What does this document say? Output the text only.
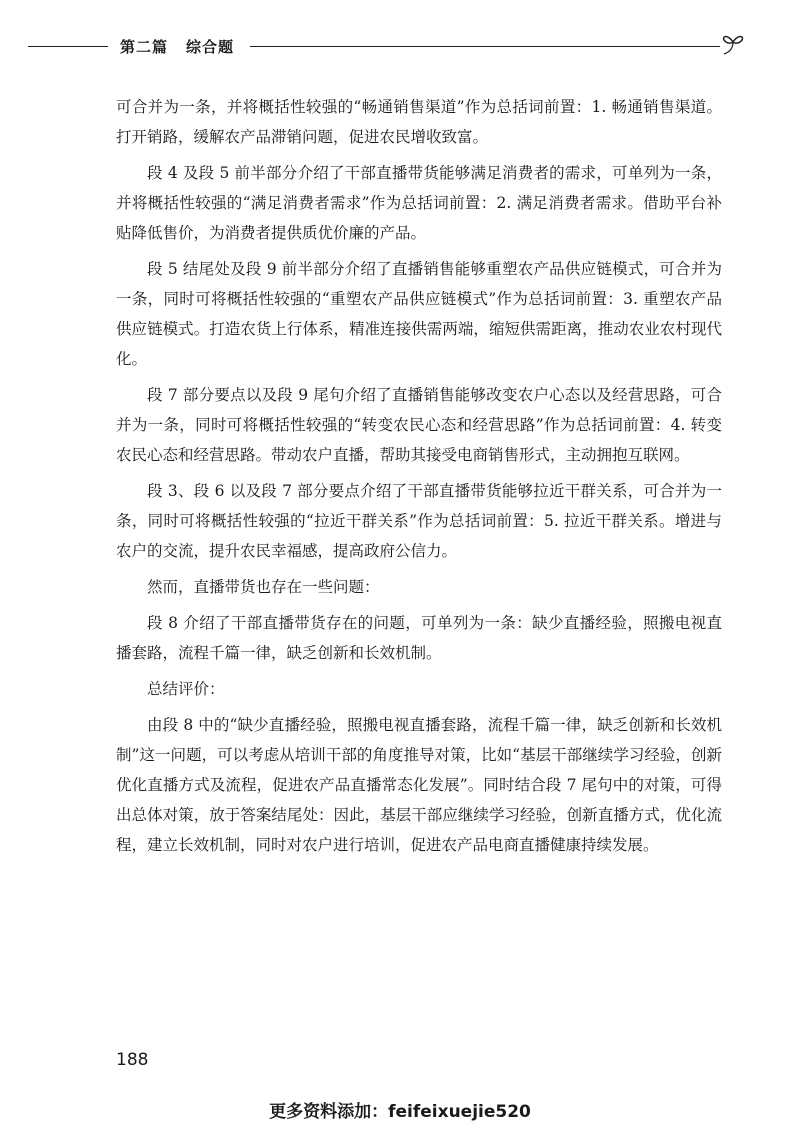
第二篇 综合题

可合并为一条，并将概括性较强的“畅通销售渠道”作为总括词前置：1. 畅通销售渠道。打开销路，缓解农产品滞销问题，促进农民增收致富。

段 4 及段 5 前半部分介绍了干部直播带货能够满足消费者的需求，可单列为一条，并将概括性较强的“满足消费者需求”作为总括词前置：2. 满足消费者需求。借助平台补贴降低售价，为消费者提供质优价廉的产品。

段 5 结尾处及段 9 前半部分介绍了直播销售能够重塑农产品供应链模式，可合并为一条，同时可将概括性较强的“重塑农产品供应链模式”作为总括词前置：3. 重塑农产品供应链模式。打造农货上行体系，精准连接供需两端，缩短供需距离，推动农业农村现代化。

段 7 部分要点以及段 9 尾句介绍了直播销售能够改变农户心态以及经营思路，可合并为一条，同时可将概括性较强的“转变农民心态和经营思路”作为总括词前置：4. 转变农民心态和经营思路。带动农户直播，帮助其接受电商销售形式，主动拥抱互联网。

段 3、段 6 以及段 7 部分要点介绍了干部直播带货能够拉近干群关系，可合并为一条，同时可将概括性较强的“拉近干群关系”作为总括词前置：5. 拉近干群关系。增进与农户的交流，提升农民幸福感，提高政府公信力。

然而，直播带货也存在一些问题：

段 8 介绍了干部直播带货存在的问题，可单列为一条：缺少直播经验，照搬电视直播套路，流程千篇一律，缺乏创新和长效机制。

总结评价：

由段 8 中的“缺少直播经验，照搬电视直播套路，流程千篇一律，缺乏创新和长效机制”这一问题，可以考虑从培训干部的角度推导对策，比如“基层干部继续学习经验，创新优化直播方式及流程，促进农产品直播常态化发展”。同时结合段 7 尾句中的对策，可得出总体对策，放于答案结尾处：因此，基层干部应继续学习经验，创新直播方式，优化流程，建立长效机制，同时对农户进行培训，促进农产品电商直播健康持续发展。

188
更多资料添加：feifeixuejie520
